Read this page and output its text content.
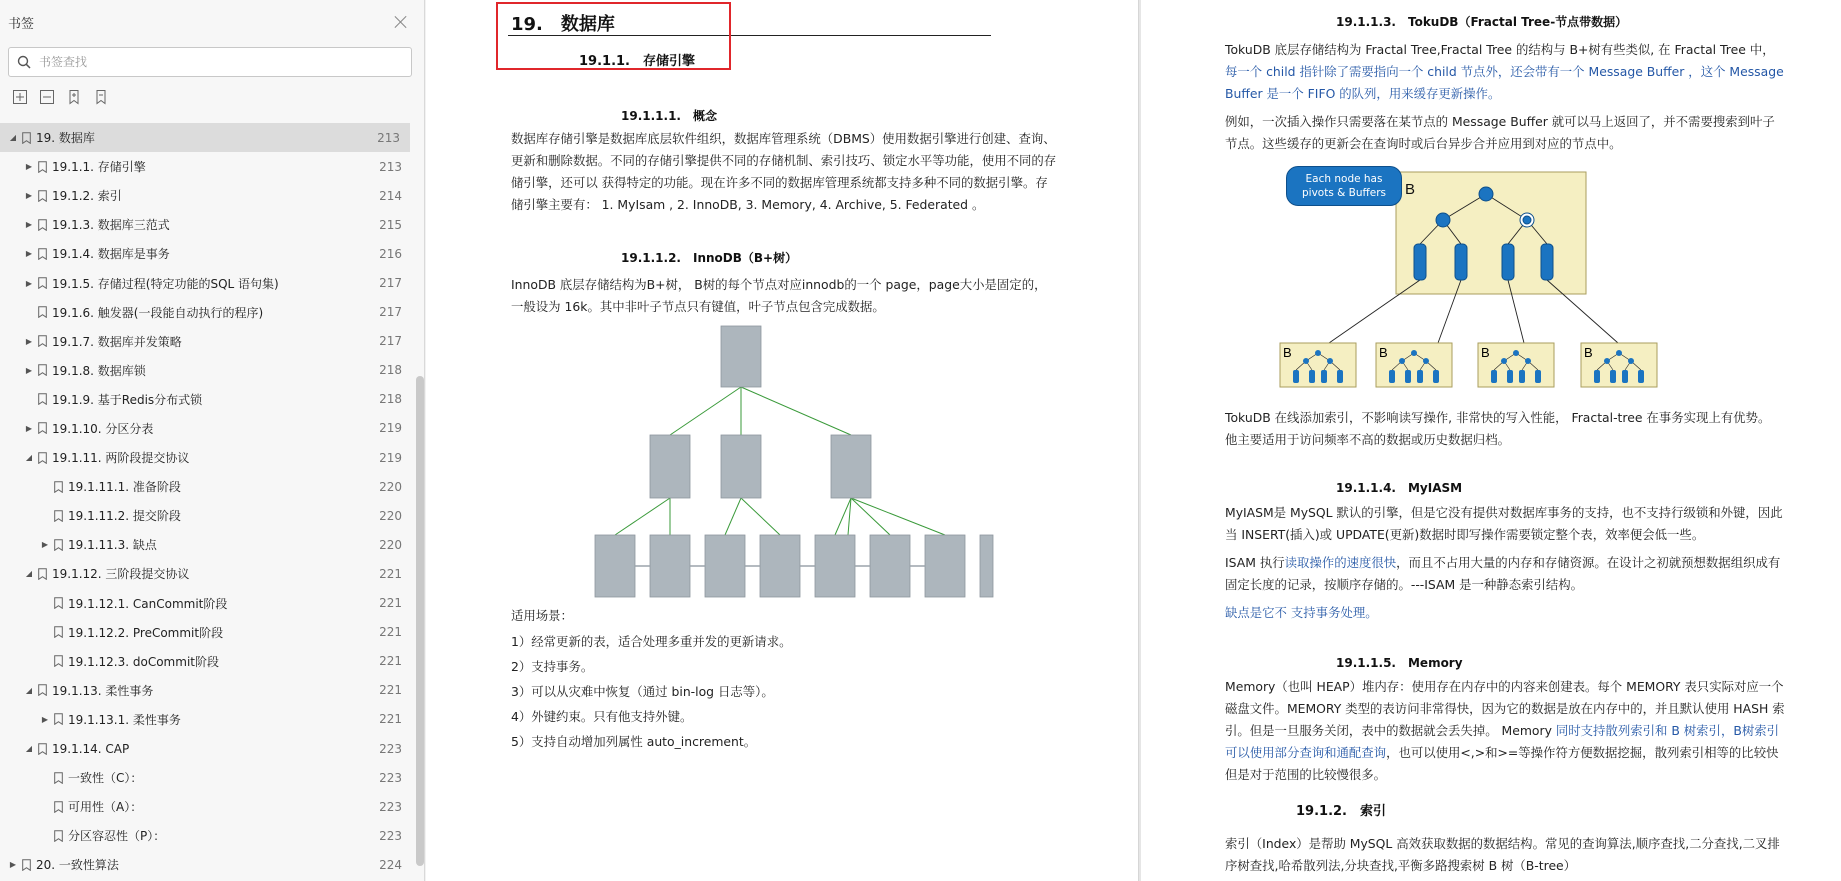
书签
书签查找
◢ 19. 数据库	213
▶ 19.1.1. 存储引擎	213
▶ 19.1.2. 索引	214
▶ 19.1.3. 数据库三范式	215
▶ 19.1.4. 数据库是事务	216
▶ 19.1.5. 存储过程(特定功能的SQL 语句集)	217
19.1.6. 触发器(一段能自动执行的程序)	217
▶ 19.1.7. 数据库并发策略	217
▶ 19.1.8. 数据库锁	218
19.1.9. 基于Redis分布式锁	218
▶ 19.1.10. 分区分表	219
◢ 19.1.11. 两阶段提交协议	219
19.1.11.1. 准备阶段	220
19.1.11.2. 提交阶段	220
▶ 19.1.11.3. 缺点	220
◢ 19.1.12. 三阶段提交协议	221
19.1.12.1. CanCommit阶段	221
19.1.12.2. PreCommit阶段	221
19.1.12.3. doCommit阶段	221
◢ 19.1.13. 柔性事务	221
▶ 19.1.13.1. 柔性事务	221
◢ 19.1.14. CAP	223
一致性（C）：	223
可用性（A）：	223
分区容忍性（P）：	223
▶ 20. 一致性算法	224
19.　数据库
19.1.1.　存储引擎
19.1.1.1.　概念
数据库存储引擎是数据库底层软件组织，数据库管理系统（DBMS）使用数据引擎进行创建、查询、更新和删除数据。不同的存储引擎提供不同的存储机制、索引技巧、锁定水平等功能，使用不同的存储引擎，还可以 获得特定的功能。现在许多不同的数据库管理系统都支持多种不同的数据引擎。存储引擎主要有： 1. MyIsam , 2. InnoDB, 3. Memory, 4. Archive, 5. Federated 。
19.1.1.2.　InnoDB（B+树）
InnoDB 底层存储结构为B+树， B树的每个节点对应innodb的一个 page，page大小是固定的，一般设为 16k。其中非叶子节点只有键值，叶子节点包含完成数据。
适用场景：
1）经常更新的表，适合处理多重并发的更新请求。
2）支持事务。
3）可以从灾难中恢复（通过 bin-log 日志等）。
4）外键约束。只有他支持外键。
5）支持自动增加列属性 auto_increment。
19.1.1.3.　TokuDB（Fractal Tree-节点带数据）
TokuDB 底层存储结构为 Fractal Tree,Fractal Tree 的结构与 B+树有些类似, 在 Fractal Tree 中，每一个 child 指针除了需要指向一个 child 节点外，还会带有一个 Message Buffer ，这个 Message Buffer 是一个 FIFO 的队列，用来缓存更新操作。
例如，一次插入操作只需要落在某节点的 Message Buffer 就可以马上返回了，并不需要搜索到叶子节点。这些缓存的更新会在查询时或后台异步合并应用到对应的节点中。
B
B	B	B	B
Each node has pivots & Buffers
TokuDB 在线添加索引，不影响读写操作, 非常快的写入性能， Fractal-tree 在事务实现上有优势。 他主要适用于访问频率不高的数据或历史数据归档。
19.1.1.4.　MyIASM
MyIASM是 MySQL 默认的引擎，但是它没有提供对数据库事务的支持，也不支持行级锁和外键，因此当 INSERT(插入)或 UPDATE(更新)数据时即写操作需要锁定整个表，效率便会低一些。
ISAM 执行读取操作的速度很快，而且不占用大量的内存和存储资源。在设计之初就预想数据组织成有固定长度的记录，按顺序存储的。---ISAM 是一种静态索引结构。
缺点是它不 支持事务处理。
19.1.1.5.　Memory
Memory（也叫 HEAP）堆内存：使用存在内存中的内容来创建表。每个 MEMORY 表只实际对应一个磁盘文件。MEMORY 类型的表访问非常得快，因为它的数据是放在内存中的，并且默认使用 HASH 索引。但是一旦服务关闭，表中的数据就会丢失掉。 Memory 同时支持散列索引和 B 树索引，B树索引可以使用部分查询和通配查询，也可以使用<,>和>=等操作符方便数据挖掘，散列索引相等的比较快但是对于范围的比较慢很多。
19.1.2.　索引
索引（Index）是帮助 MySQL 高效获取数据的数据结构。常见的查询算法,顺序查找,二分查找,二叉排序树查找,哈希散列法,分块查找,平衡多路搜索树 B 树（B-tree）
